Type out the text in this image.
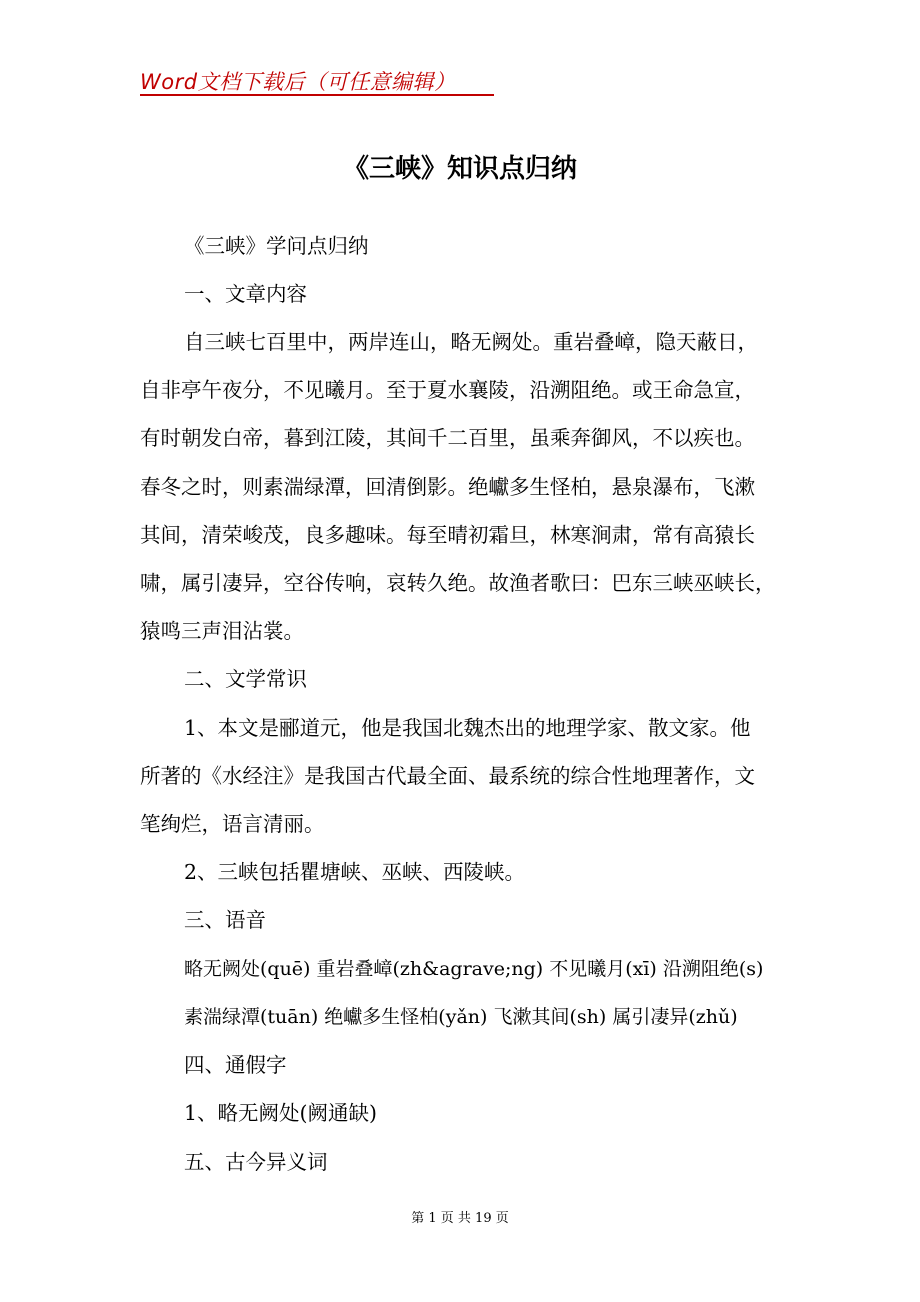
Word文档下载后（可任意编辑）
《三峡》知识点归纳
《三峡》学问点归纳
一、文章内容
自三峡七百里中，两岸连山，略无阙处。重岩叠嶂，隐天蔽日，
自非亭午夜分，不见曦月。至于夏水襄陵，沿溯阻绝。或王命急宣，
有时朝发白帝，暮到江陵，其间千二百里，虽乘奔御风，不以疾也。
春冬之时，则素湍绿潭，回清倒影。绝巘多生怪柏，悬泉瀑布，飞漱
其间，清荣峻茂，良多趣味。每至晴初霜旦，林寒涧肃，常有高猿长
啸，属引凄异，空谷传响，哀转久绝。故渔者歌曰：巴东三峡巫峡长，
猿鸣三声泪沾裳。
二、文学常识
1、本文是郦道元，他是我国北魏杰出的地理学家、散文家。他
所著的《水经注》是我国古代最全面、最系统的综合性地理著作，文
笔绚烂，语言清丽。
2、三峡包括瞿塘峡、巫峡、西陵峡。
三、语音
略无阙处(quē) 重岩叠嶂(zh&agrave;ng) 不见曦月(xī) 沿溯阻绝(s)
素湍绿潭(tuān) 绝巘多生怪柏(yǎn) 飞漱其间(sh) 属引凄异(zhǔ)
四、通假字
1、略无阙处(阙通缺)
五、古今异义词
第 1 页 共 19 页
